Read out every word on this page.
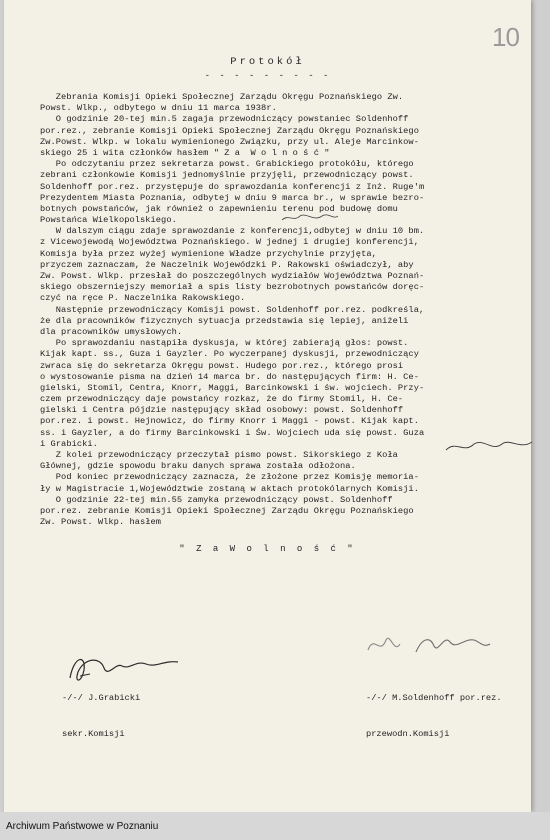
10
Protokół
- - - - - - - - -
Zebrania Komisji Opieki Społecznej Zarządu Okręgu Poznańskiego Zw.
Powst. Wlkp., odbytego w dniu 11 marca 1938r.
O godzinie 20-tej min.5 zagaja przewodniczący powstaniec Soldenhoff
por.rez., zebranie Komisji Opieki Społecznej Zarządu Okręgu Poznańskiego
Zw.Powst. Wlkp. w lokalu wymienionego Związku, przy ul. Aleje Marcinkow-
skiego 25 i wita członków hasłem " Z a  W o l n o ś ć "
Po odczytaniu przez sekretarza powst. Grabickiego protokółu, którego
zebrani członkowie Komisji jednomyślnie przyjęli, przewodniczący powst.
Soldenhoff por.rez. przystępuje do sprawozdania konferencji z Inż. Ruge'm
Prezydentem Miasta Poznania, odbytej w dniu 9 marca br., w sprawie bezro-
botnych powstańców, jak również o zapewnieniu terenu pod budowę domu
Powstańca Wielkopolskiego.
W dalszym ciągu zdaje sprawozdanie z konferencji,odbytej w dniu 10 bm.
z Vicewojewodą Województwa Poznańskiego. W jednej i drugiej konferencji,
Komisja była przez wyżej wymienione Władze przychylnie przyjęta,
przyczem zaznaczam, że Naczelnik Wojewódzki P. Rakowski oświadczył, aby
Zw. Powst. Wlkp. przesłał do poszczególnych wydziałów Województwa Poznań-
skiego obszerniejszy memoriał a spis listy bezrobotnych powstańców doręc-
czyć na ręce P. Naczelnika Rakowskiego.
Następnie przewodniczący Komisji powst. Soldenhoff por.rez. podkreśla,
że dla pracowników fizycznych sytuacja przedstawia się lepiej, aniżeli
dla pracowników umysłowych.
Po sprawozdaniu nastąpiła dyskusja, w której zabierają głos: powst.
Kijak kapt. ss., Guza i Gayzler. Po wyczerpanej dyskusji, przewodniczący
zwraca się do sekretarza Okręgu powst. Hudego por.rez., którego prosi
o wystosowanie pisma na dzień 14 marca br. do następujących firm: H. Ce-
gielski, Stomil, Centra, Knorr, Maggi, Barcinkowski i św. wojciech. Przy-
czem przewodniczący daje powstańcy rozkaz, że do firmy Stomil, H. Ce-
gielski i Centra pójdzie następujący skład osobowy: powst. Soldenhoff
por.rez. i powst. Hejnowicz, do firmy Knorr i Maggi - powst. Kijak kapt.
ss. i Gayzler, a do firmy Barcinkowski i Św. Wojciech uda się powst. Guza
i Grabicki.
Z kolei przewodniczący przeczytał pismo powst. Sikorskiego z Koła
Głównej, gdzie spowodu braku danych sprawa została odłożona.
Pod koniec przewodniczący zaznacza, że złożone przez Komisję memoria-
ły w Magistracie 1,Województwie zostaną w aktach protokólarnych Komisji.
O godzinie 22-tej min.55 zamyka przewodniczący powst. Soldenhoff
por.rez. zebranie Komisji Opieki Społecznej Zarządu Okręgu Poznańskiego
Zw. Powst. Wlkp. hasłem
" Z a W o l n o ś ć "

-/-/ J.Grabicki

sekr.Komisji

-/-/ M.Soldenhoff por.rez.

przewodn.Komisji

Archiwum Państwowe w Poznaniu
